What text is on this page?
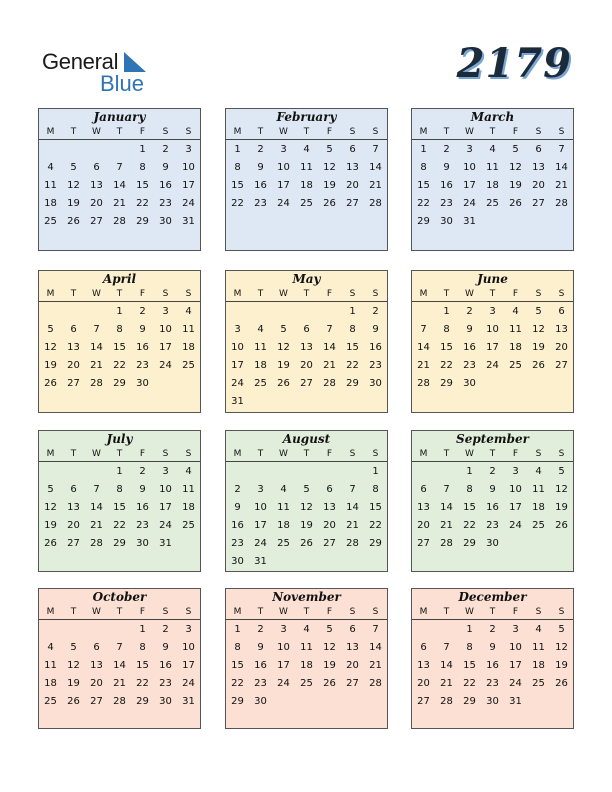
General
Blue	2179
January
M	T	W	T	F	S	S
				1	2	3
4	5	6	7	8	9	10
11	12	13	14	15	16	17
18	19	20	21	22	23	24
25	26	27	28	29	30	31

February
M	T	W	T	F	S	S
1	2	3	4	5	6	7
8	9	10	11	12	13	14
15	16	17	18	19	20	21
22	23	24	25	26	27	28

March
M	T	W	T	F	S	S
1	2	3	4	5	6	7
8	9	10	11	12	13	14
15	16	17	18	19	20	21
22	23	24	25	26	27	28
29	30	31				

April
M	T	W	T	F	S	S
			1	2	3	4
5	6	7	8	9	10	11
12	13	14	15	16	17	18
19	20	21	22	23	24	25
26	27	28	29	30		

May
M	T	W	T	F	S	S
					1	2
3	4	5	6	7	8	9
10	11	12	13	14	15	16
17	18	19	20	21	22	23
24	25	26	27	28	29	30
31						
June
M	T	W	T	F	S	S
	1	2	3	4	5	6
7	8	9	10	11	12	13
14	15	16	17	18	19	20
21	22	23	24	25	26	27
28	29	30				

July
M	T	W	T	F	S	S
			1	2	3	4
5	6	7	8	9	10	11
12	13	14	15	16	17	18
19	20	21	22	23	24	25
26	27	28	29	30	31	

August
M	T	W	T	F	S	S
						1
2	3	4	5	6	7	8
9	10	11	12	13	14	15
16	17	18	19	20	21	22
23	24	25	26	27	28	29
30	31					
September
M	T	W	T	F	S	S
		1	2	3	4	5
6	7	8	9	10	11	12
13	14	15	16	17	18	19
20	21	22	23	24	25	26
27	28	29	30			

October
M	T	W	T	F	S	S
				1	2	3
4	5	6	7	8	9	10
11	12	13	14	15	16	17
18	19	20	21	22	23	24
25	26	27	28	29	30	31

November
M	T	W	T	F	S	S
1	2	3	4	5	6	7
8	9	10	11	12	13	14
15	16	17	18	19	20	21
22	23	24	25	26	27	28
29	30					

December
M	T	W	T	F	S	S
		1	2	3	4	5
6	7	8	9	10	11	12
13	14	15	16	17	18	19
20	21	22	23	24	25	26
27	28	29	30	31		
